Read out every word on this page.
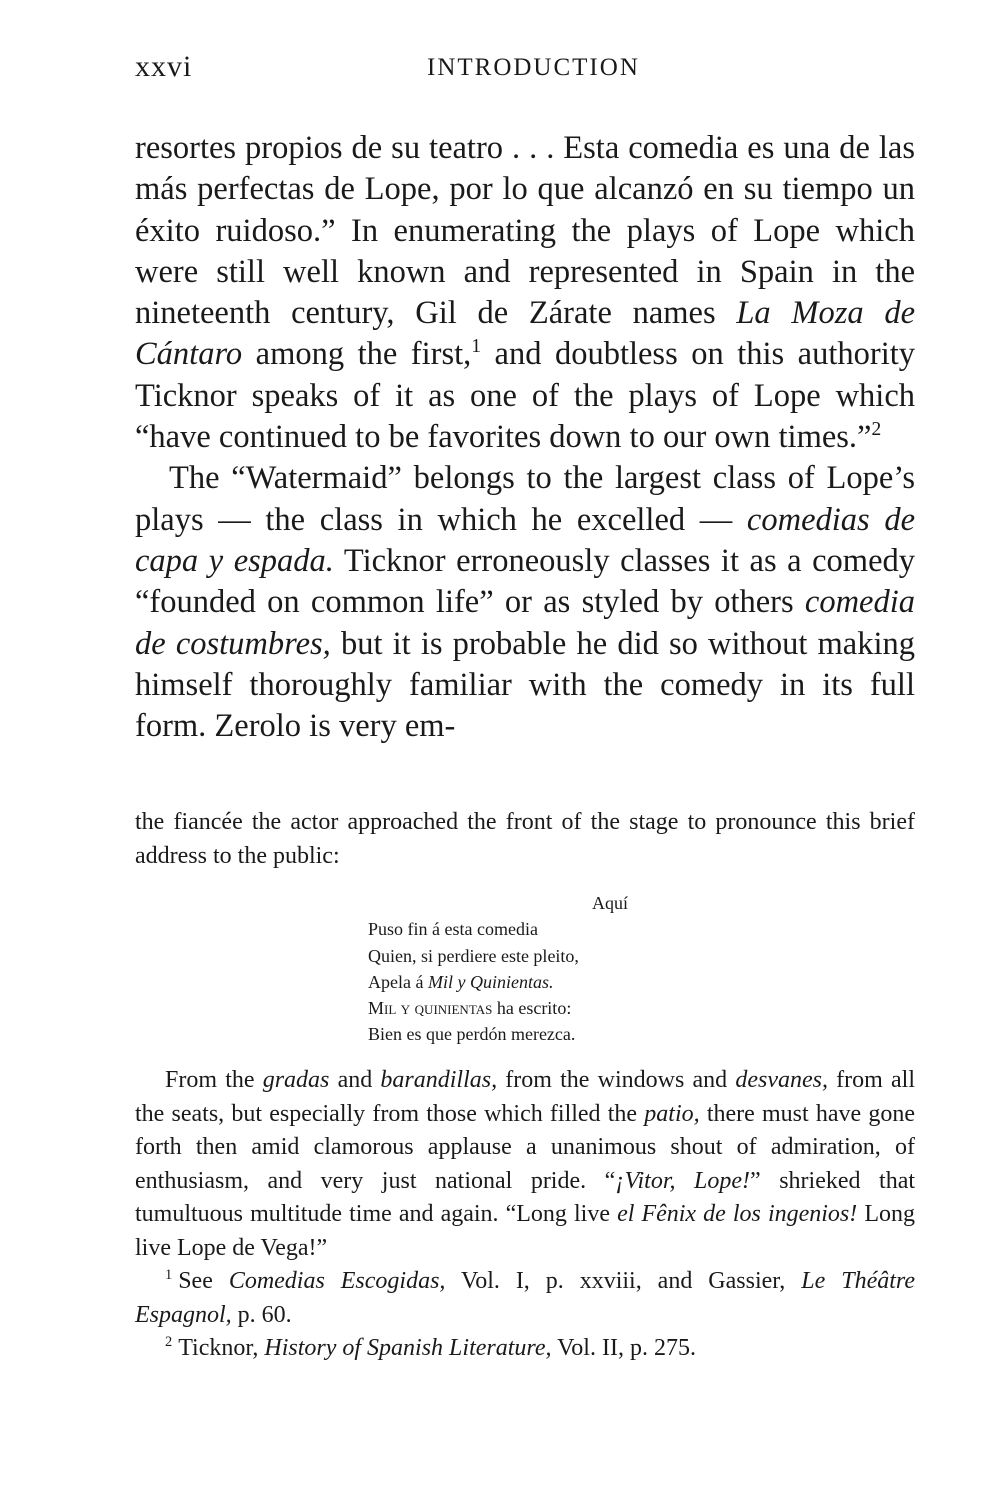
xxvi	INTRODUCTION

resortes propios de su teatro . . . Esta comedia es una de las más perfectas de Lope, por lo que alcanzó en su tiempo un éxito ruidoso.” In enumerating the plays of Lope which were still well known and represented in Spain in the nineteenth century, Gil de Zárate names La Moza de Cántaro among the first,$^1$ and doubtless on this authority Ticknor speaks of it as one of the plays of Lope which “have continued to be favorites down to our own times.”$^2$

The “Watermaid” belongs to the largest class of Lope’s plays — the class in which he excelled — comedias de capa y espada. Ticknor erroneously classes it as a comedy “founded on common life” or as styled by others comedia de costumbres, but it is probable he did so without making himself thoroughly familiar with the comedy in its full form. Zerolo is very em-

the fiancée the actor approached the front of the stage to pronounce this brief address to the public:

Aquí
Puso fin á esta comedia
Quien, si perdiere este pleito,
Apela á Mil y Quinientas.
Mil y quinientas ha escrito:
Bien es que perdón merezca.

From the gradas and barandillas, from the windows and desvanes, from all the seats, but especially from those which filled the patio, there must have gone forth then amid clamorous applause a unanimous shout of admiration, of enthusiasm, and very just national pride. “¡Vitor, Lope!” shrieked that tumultuous multitude time and again. “Long live el Fênix de los ingenios! Long live Lope de Vega!”

$^1$ See Comedias Escogidas, Vol. I, p. xxviii, and Gassier, Le Théâtre Espagnol, p. 60.

$^2$ Ticknor, History of Spanish Literature, Vol. II, p. 275.
